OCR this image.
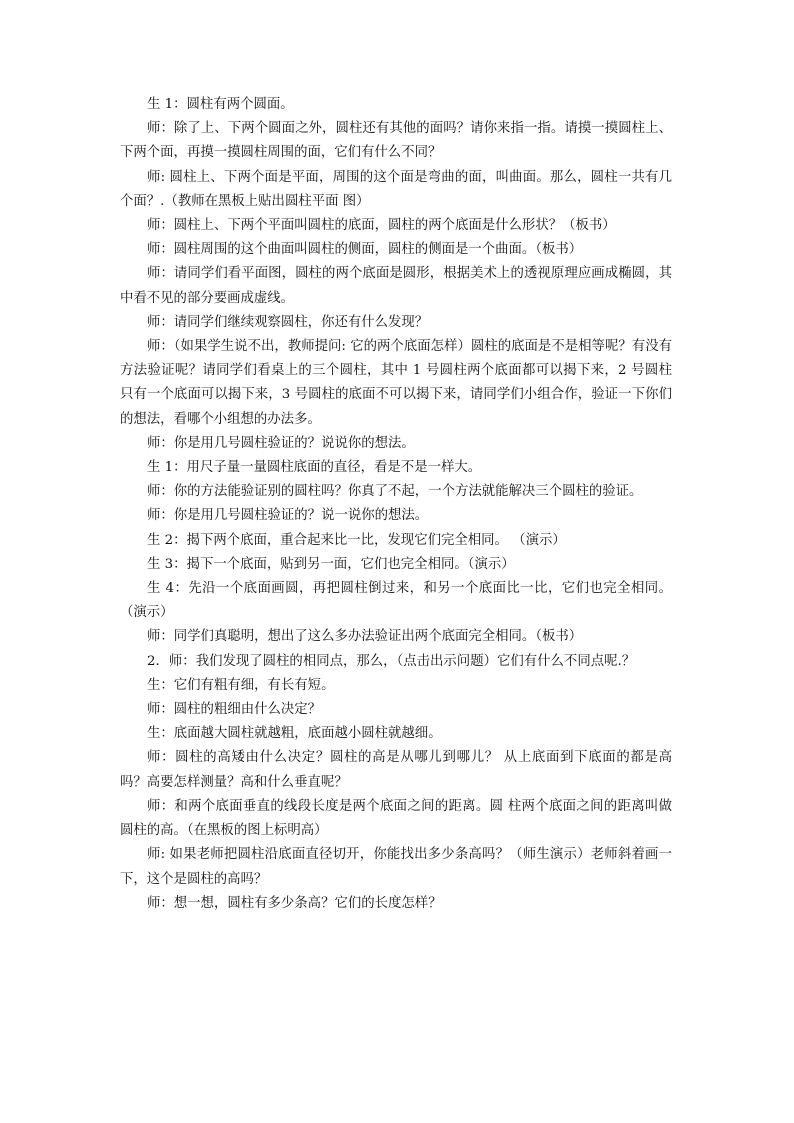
生 1：圆柱有两个圆面。

师：除了上、下两个圆面之外，圆柱还有其他的面吗？请你来指一指。请摸一摸圆柱上、下两个面，再摸一摸圆柱周围的面，它们有什么不同？

师: 圆柱上、下两个面是平面，周围的这个面是弯曲的面，叫曲面。那么，圆柱一共有几个面？.（教师在黑板上贴出圆柱平面 图）

师：圆柱上、下两个平面叫圆柱的底面，圆柱的两个底面是什么形状？（板书）

师：圆柱周围的这个曲面叫圆柱的侧面，圆柱的侧面是一个曲面。（板书）

师：请同学们看平面图，圆柱的两个底面是圆形，根据美术上的透视原理应画成椭圆，其中看不见的部分要画成虚线。

师：请同学们继续观察圆柱，你还有什么发现？

师：（如果学生说不出，教师提问: 它的两个底面怎样）圆柱的底面是不是相等呢？有没有方法验证呢？请同学们看桌上的三个圆柱，其中 1 号圆柱两个底面都可以揭下来，2 号圆柱只有一个底面可以揭下来，3 号圆柱的底面不可以揭下来，请同学们小组合作，验证一下你们的想法，看哪个小组想的办法多。

师：你是用几号圆柱验证的？说说你的想法。

生 1：用尺子量一量圆柱底面的直径，看是不是一样大。

师：你的方法能验证别的圆柱吗？你真了不起，一个方法就能解决三个圆柱的验证。

师：你是用几号圆柱验证的？说一说你的想法。

生 2：揭下两个底面，重合起来比一比，发现它们完全相同。 （演示）

生 3：揭下一个底面，贴到另一面，它们也完全相同。（演示）

生 4：先沿一个底面画圆，再把圆柱倒过来，和另一个底面比一比，它们也完全相同。（演示）

师：同学们真聪明，想出了这么多办法验证出两个底面完全相同。（板书）

2．师：我们发现了圆柱的相同点，那么，（点击出示问题）它们有什么不同点呢.？

生：它们有粗有细，有长有短。

师：圆柱的粗细由什么决定？

生：底面越大圆柱就越粗，底面越小圆柱就越细。

师：圆柱的高矮由什么决定？圆柱的高是从哪儿到哪儿？ 从上底面到下底面的都是高吗？高要怎样测量？高和什么垂直呢？

师：和两个底面垂直的线段长度是两个底面之间的距离。圆 柱两个底面之间的距离叫做圆柱的高。（在黑板的图上标明高）

师: 如果老师把圆柱沿底面直径切开，你能找出多少条高吗？（师生演示）老师斜着画一下，这个是圆柱的高吗？

师：想一想，圆柱有多少条高？它们的长度怎样？
